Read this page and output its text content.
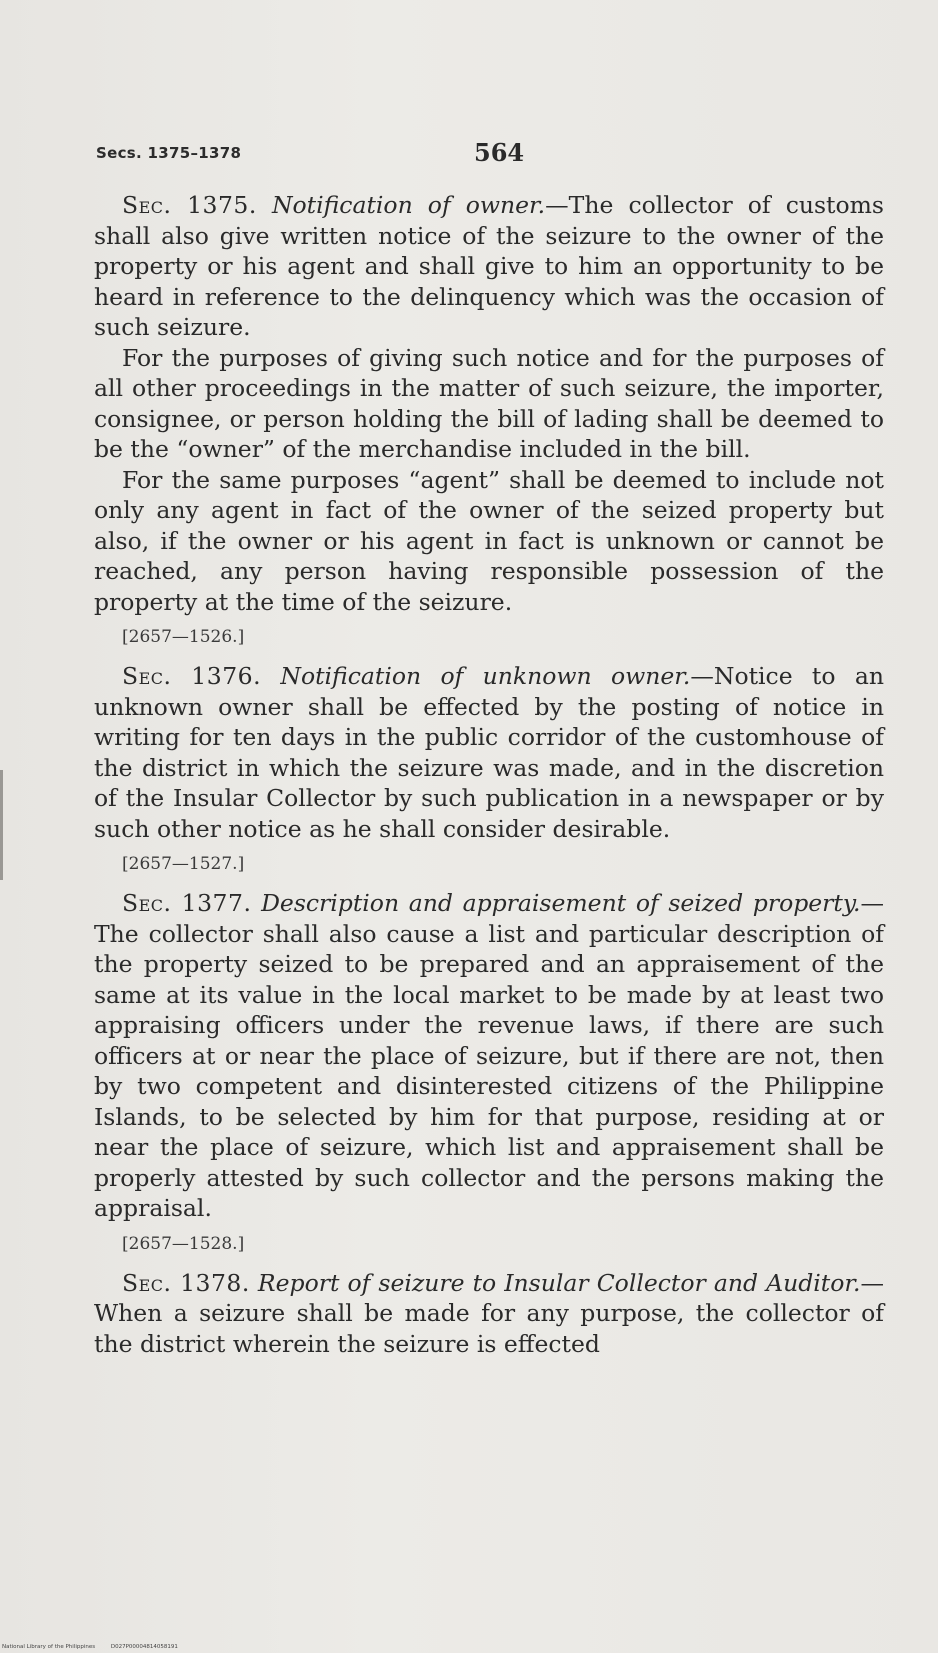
Secs. 1375–1378	564

Sec. 1375. Notification of owner.—The collector of customs shall also give written notice of the seizure to the owner of the property or his agent and shall give to him an opportunity to be heard in reference to the delinquency which was the occasion of such seizure.

For the purposes of giving such notice and for the purposes of all other proceedings in the matter of such seizure, the importer, consignee, or person holding the bill of lading shall be deemed to be the “owner” of the merchandise included in the bill.

For the same purposes “agent” shall be deemed to include not only any agent in fact of the owner of the seized property but also, if the owner or his agent in fact is unknown or cannot be reached, any person having responsible possession of the property at the time of the seizure.

[2657—1526.]

Sec. 1376. Notification of unknown owner.—Notice to an unknown owner shall be effected by the posting of notice in writing for ten days in the public corridor of the customhouse of the district in which the seizure was made, and in the discretion of the Insular Collector by such publication in a newspaper or by such other notice as he shall consider desirable.

[2657—1527.]

Sec. 1377. Description and appraisement of seized property.—The collector shall also cause a list and particular description of the property seized to be prepared and an appraisement of the same at its value in the local market to be made by at least two appraising officers under the revenue laws, if there are such officers at or near the place of seizure, but if there are not, then by two competent and disinterested citizens of the Philippine Islands, to be selected by him for that purpose, residing at or near the place of seizure, which list and appraisement shall be properly attested by such collector and the persons making the appraisal.

[2657—1528.]

Sec. 1378. Report of seizure to Insular Collector and Auditor.—When a seizure shall be made for any purpose, the collector of the district wherein the seizure is effected

National Library of the Philippines	D027P00004814058191
